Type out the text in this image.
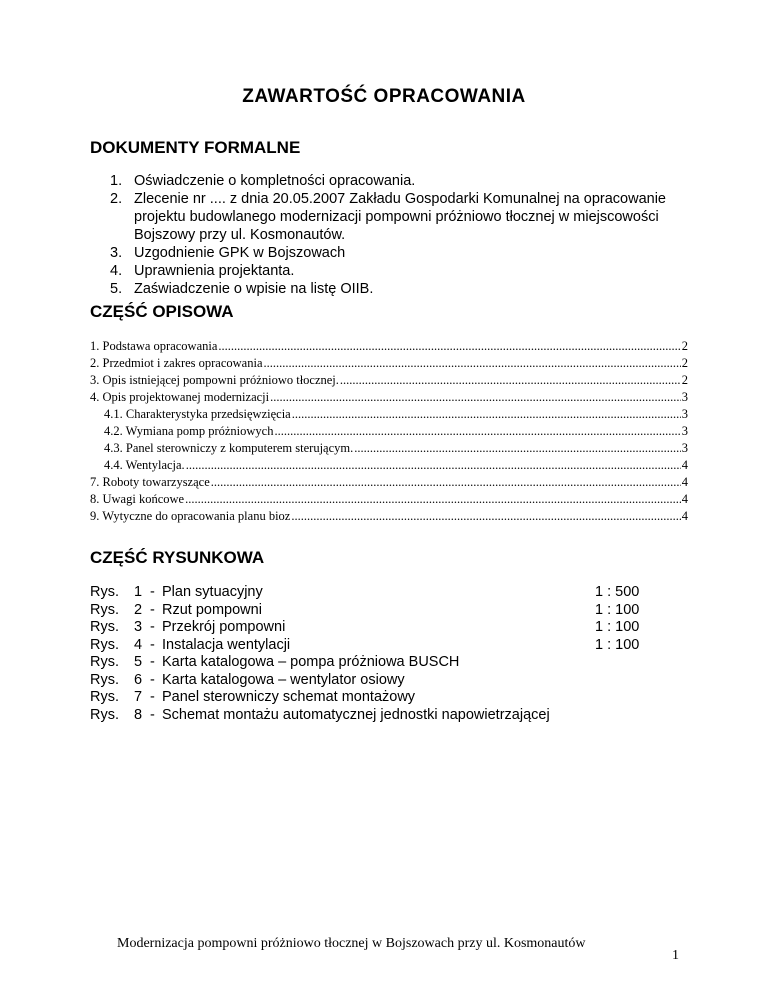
ZAWARTOŚĆ OPRACOWANIA
DOKUMENTY FORMALNE
1. Oświadczenie o kompletności opracowania.
2. Zlecenie nr .... z dnia 20.05.2007 Zakładu Gospodarki Komunalnej na opracowanie projektu budowlanego modernizacji pompowni próżniowo tłocznej w miejscowości Bojszowy przy ul. Kosmonautów.
3. Uzgodnienie GPK w Bojszowach
4. Uprawnienia projektanta.
5. Zaświadczenie o wpisie na listę OIIB.
CZĘŚĆ OPISOWA
1. Podstawa opracowania .....	2
2. Przedmiot i zakres opracowania .....	2
3. Opis istniejącej pompowni próżniowo tłocznej. .....	2
4. Opis projektowanej modernizacji .....	3
4.1. Charakterystyka przedsięwzięcia .....	3
4.2. Wymiana pomp próżniowych .....	3
4.3. Panel sterowniczy z komputerem sterującym. .....	3
4.4. Wentylacja. .....	4
7. Roboty towarzyszące .....	4
8. Uwagi końcowe .....	4
9. Wytyczne do opracowania planu bioz .....	4
CZĘŚĆ RYSUNKOWA
Rys. 1 - Plan sytuacyjny	1 : 500
Rys. 2 - Rzut pompowni	1 : 100
Rys. 3 - Przekrój pompowni	1 : 100
Rys. 4 - Instalacja wentylacji	1 : 100
Rys. 5 - Karta katalogowa – pompa próżniowa BUSCH
Rys. 6 - Karta katalogowa – wentylator osiowy
Rys. 7 - Panel sterowniczy schemat montażowy
Rys. 8 - Schemat montażu automatycznej jednostki napowietrzającej
Modernizacja pompowni próżniowo tłocznej w Bojszowach przy ul. Kosmonautów
1
